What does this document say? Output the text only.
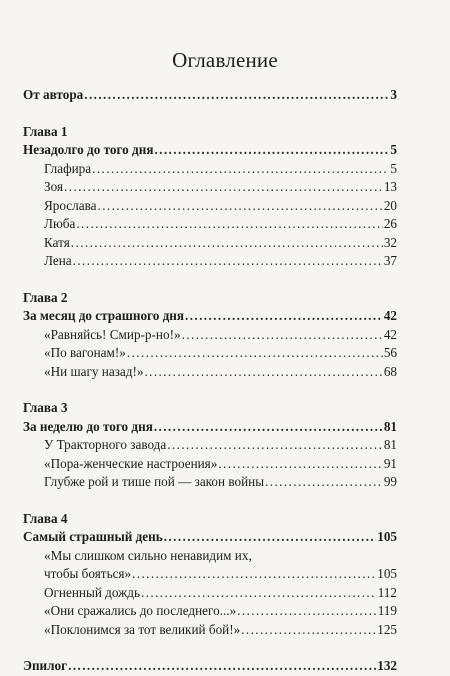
Оглавление
От автора .....	3
Глава 1
Незадолго до того дня .....	5
Глафира .....	5
Зоя .....	13
Ярослава .....	20
Люба .....	26
Катя .....	32
Лена .....	37
Глава 2
За месяц до страшного дня .....	42
«Равняйсь! Смир-р-но!» .....	42
«По вагонам!» .....	56
«Ни шагу назад!» .....	68
Глава 3
За неделю до того дня .....	81
У Тракторного завода .....	81
«Пора-женческие настроения» .....	91
Глубже рой и тише пой — закон войны .....	99
Глава 4
Самый страшный день .....	105
«Мы слишком сильно ненавидим их,
чтобы бояться» .....	105
Огненный дождь .....	112
«Они сражались до последнего...» .....	119
«Поклонимся за тот великий бой!» .....	125
Эпилог .....	132
